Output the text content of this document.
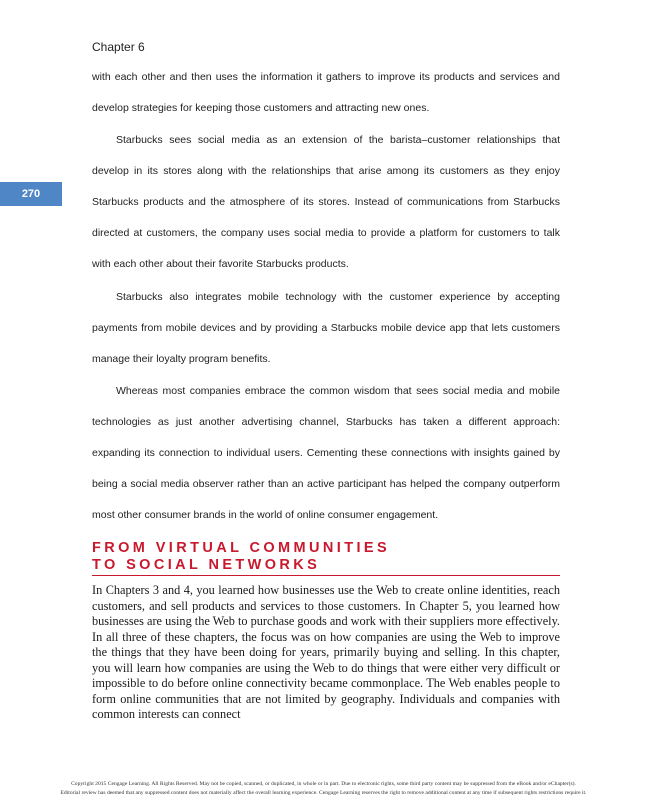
Chapter 6
270

with each other and then uses the information it gathers to improve its products and services and develop strategies for keeping those customers and attracting new ones.

Starbucks sees social media as an extension of the barista–customer relationships that develop in its stores along with the relationships that arise among its customers as they enjoy Starbucks products and the atmosphere of its stores. Instead of communications from Starbucks directed at customers, the company uses social media to provide a platform for customers to talk with each other about their favorite Starbucks products.

Starbucks also integrates mobile technology with the customer experience by accepting payments from mobile devices and by providing a Starbucks mobile device app that lets customers manage their loyalty program benefits.

Whereas most companies embrace the common wisdom that sees social media and mobile technologies as just another advertising channel, Starbucks has taken a different approach: expanding its connection to individual users. Cementing these connections with insights gained by being a social media observer rather than an active participant has helped the company outperform most other consumer brands in the world of online consumer engagement.

FROM VIRTUAL COMMUNITIES
TO SOCIAL NETWORKS

In Chapters 3 and 4, you learned how businesses use the Web to create online identities, reach customers, and sell products and services to those customers. In Chapter 5, you learned how businesses are using the Web to purchase goods and work with their suppliers more effectively. In all three of these chapters, the focus was on how companies are using the Web to improve the things that they have been doing for years, primarily buying and selling. In this chapter, you will learn how companies are using the Web to do things that were either very difficult or impossible to do before online connectivity became commonplace. The Web enables people to form online communities that are not limited by geography. Individuals and companies with common interests can connect

Copyright 2015 Cengage Learning. All Rights Reserved. May not be copied, scanned, or duplicated, in whole or in part. Due to electronic rights, some third party content may be suppressed from the eBook and/or eChapter(s).
Editorial review has deemed that any suppressed content does not materially affect the overall learning experience. Cengage Learning reserves the right to remove additional content at any time if subsequent rights restrictions require it.
